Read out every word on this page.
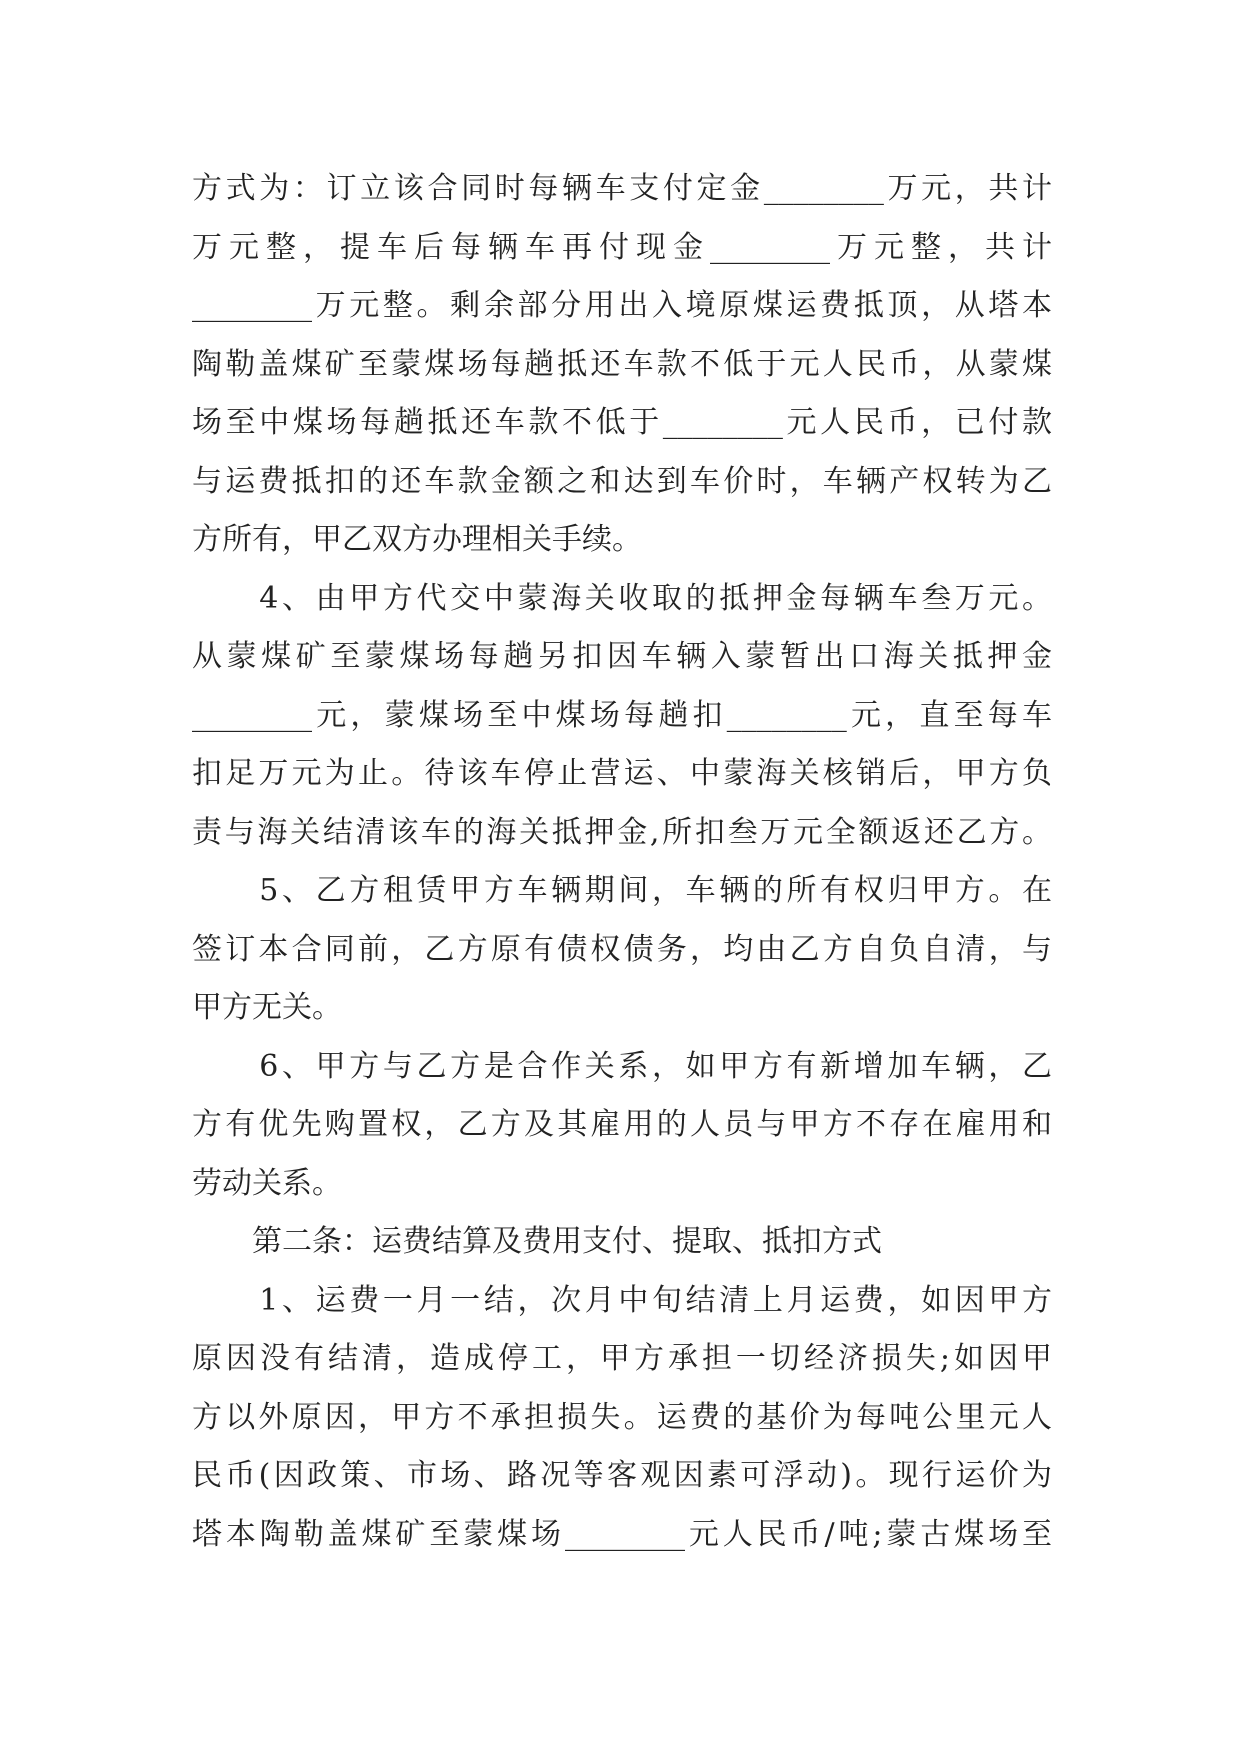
方式为：订立该合同时每辆车支付定金________万元，共计
万元整，提车后每辆车再付现金________万元整，共计
________万元整。剩余部分用出入境原煤运费抵顶，从塔本
陶勒盖煤矿至蒙煤场每趟抵还车款不低于元人民币，从蒙煤
场至中煤场每趟抵还车款不低于________元人民币，已付款
与运费抵扣的还车款金额之和达到车价时，车辆产权转为乙
方所有，甲乙双方办理相关手续。
　　4、由甲方代交中蒙海关收取的抵押金每辆车叁万元。
从蒙煤矿至蒙煤场每趟另扣因车辆入蒙暂出口海关抵押金
________元，蒙煤场至中煤场每趟扣________元，直至每车
扣足万元为止。待该车停止营运、中蒙海关核销后，甲方负
责与海关结清该车的海关抵押金,所扣叁万元全额返还乙方。
　　5、乙方租赁甲方车辆期间，车辆的所有权归甲方。在
签订本合同前，乙方原有债权债务，均由乙方自负自清，与
甲方无关。
　　6、甲方与乙方是合作关系，如甲方有新增加车辆，乙
方有优先购置权，乙方及其雇用的人员与甲方不存在雇用和
劳动关系。
　　第二条：运费结算及费用支付、提取、抵扣方式
　　1、运费一月一结，次月中旬结清上月运费，如因甲方
原因没有结清，造成停工，甲方承担一切经济损失;如因甲
方以外原因，甲方不承担损失。运费的基价为每吨公里元人
民币(因政策、市场、路况等客观因素可浮动)。现行运价为
塔本陶勒盖煤矿至蒙煤场________元人民币/吨;蒙古煤场至
